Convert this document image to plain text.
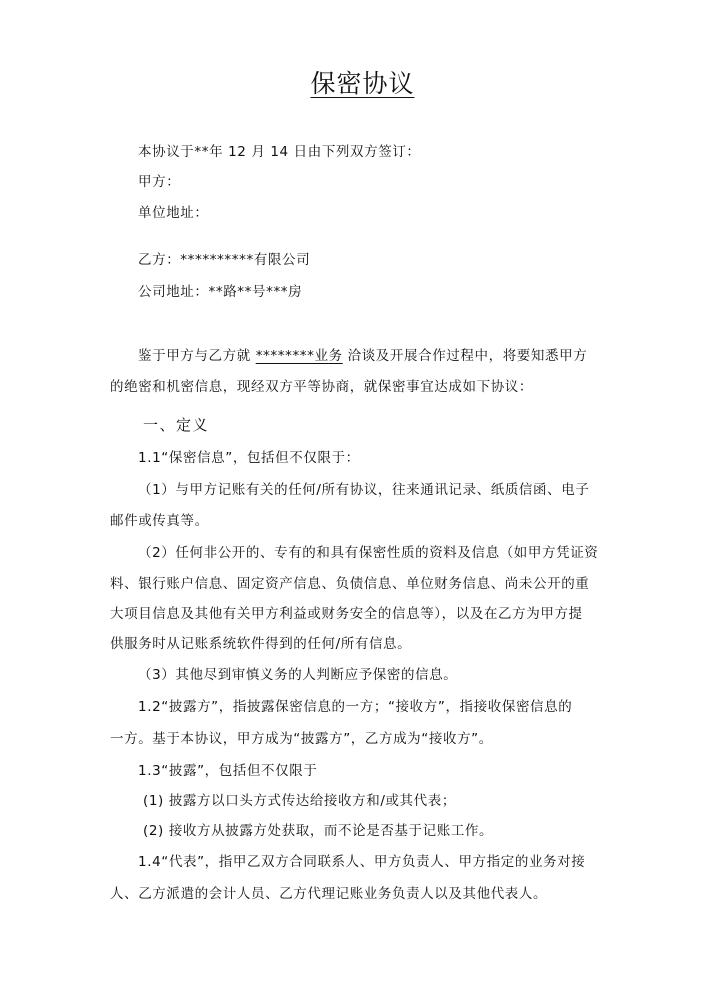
保密协议
本协议于**年 12 月 14 日由下列双方签订：
甲方：
单位地址：
乙方：**********有限公司
公司地址：**路**号***房
鉴于甲方与乙方就 ********业务 洽谈及开展合作过程中，将要知悉甲方
的绝密和机密信息，现经双方平等协商，就保密事宜达成如下协议：
一、定义
1.1“保密信息”，包括但不仅限于：
（1）与甲方记账有关的任何/所有协议，往来通讯记录、纸质信函、电子
邮件或传真等。
（2）任何非公开的、专有的和具有保密性质的资料及信息（如甲方凭证资
料、银行账户信息、固定资产信息、负债信息、单位财务信息、尚未公开的重
大项目信息及其他有关甲方利益或财务安全的信息等），以及在乙方为甲方提
供服务时从记账系统软件得到的任何/所有信息。
（3）其他尽到审慎义务的人判断应予保密的信息。
1.2“披露方”，指披露保密信息的一方；“接收方”，指接收保密信息的
一方。基于本协议，甲方成为“披露方”，乙方成为“接收方”。
1.3“披露”，包括但不仅限于
(1) 披露方以口头方式传达给接收方和/或其代表；
(2) 接收方从披露方处获取，而不论是否基于记账工作。
1.4“代表”，指甲乙双方合同联系人、甲方负责人、甲方指定的业务对接
人、乙方派遣的会计人员、乙方代理记账业务负责人以及其他代表人。
